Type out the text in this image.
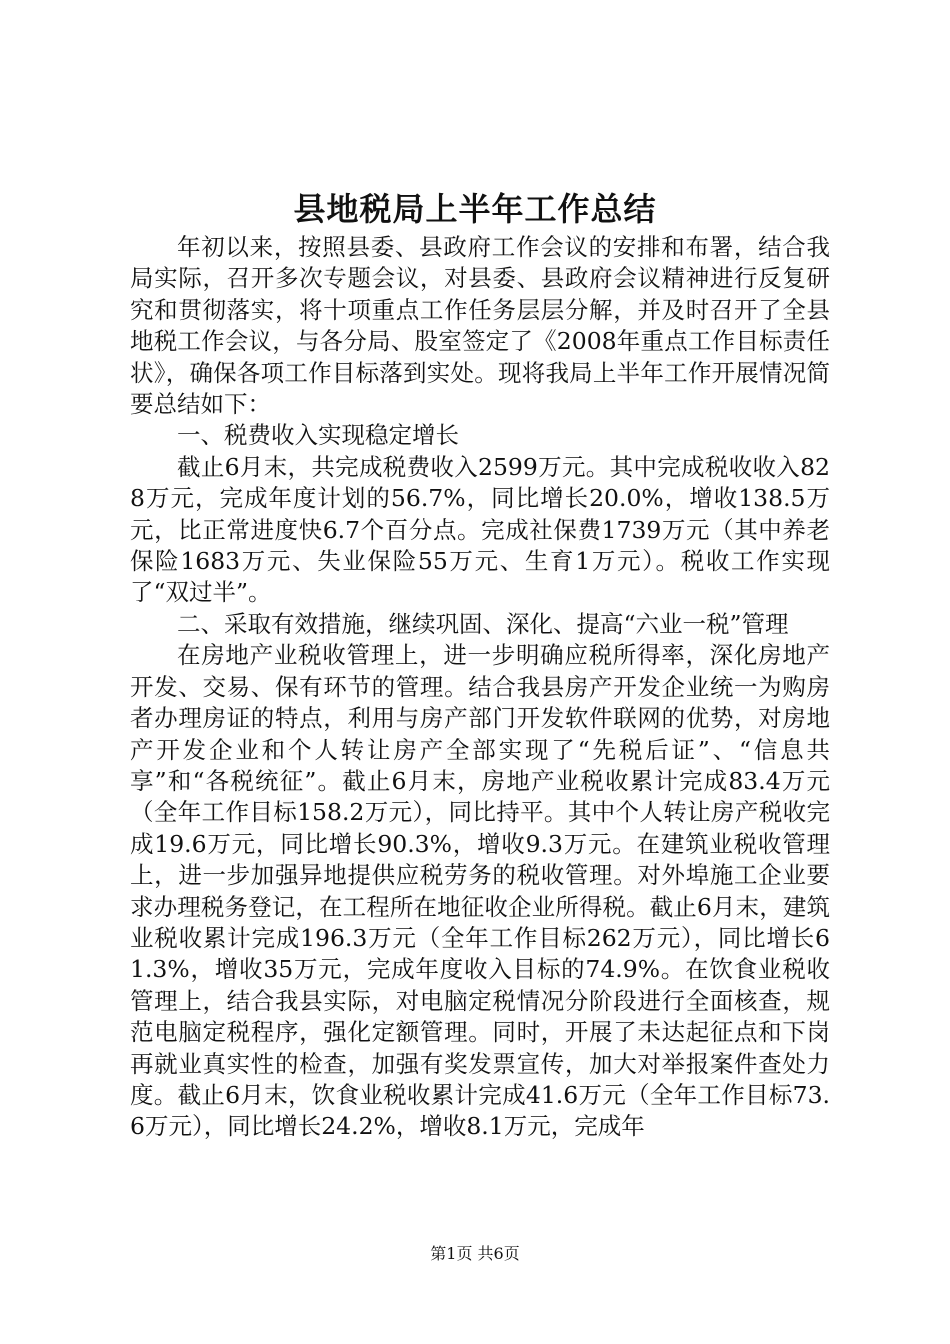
县地税局上半年工作总结

年初以来，按照县委、县政府工作会议的安排和布署，结合我局实际，召开多次专题会议，对县委、县政府会议精神进行反复研究和贯彻落实，将十项重点工作任务层层分解，并及时召开了全县地税工作会议，与各分局、股室签定了《2008年重点工作目标责任状》，确保各项工作目标落到实处。现将我局上半年工作开展情况简要总结如下：

一、税费收入实现稳定增长

截止6月末，共完成税费收入2599万元。其中完成税收收入828万元，完成年度计划的56.7%，同比增长20.0%，增收138.5万元，比正常进度快6.7个百分点。完成社保费1739万元（其中养老保险1683万元、失业保险55万元、生育1万元）。税收工作实现了“双过半”。

二、采取有效措施，继续巩固、深化、提高“六业一税”管理

在房地产业税收管理上，进一步明确应税所得率，深化房地产开发、交易、保有环节的管理。结合我县房产开发企业统一为购房者办理房证的特点，利用与房产部门开发软件联网的优势，对房地产开发企业和个人转让房产全部实现了“先税后证”、“信息共享”和“各税统征”。截止6月末，房地产业税收累计完成83.4万元（全年工作目标158.2万元），同比持平。其中个人转让房产税收完成19.6万元，同比增长90.3%，增收9.3万元。在建筑业税收管理上，进一步加强异地提供应税劳务的税收管理。对外埠施工企业要求办理税务登记，在工程所在地征收企业所得税。截止6月末，建筑业税收累计完成196.3万元（全年工作目标262万元），同比增长61.3%，增收35万元，完成年度收入目标的74.9%。在饮食业税收管理上，结合我县实际，对电脑定税情况分阶段进行全面核查，规范电脑定税程序，强化定额管理。同时，开展了未达起征点和下岗再就业真实性的检查，加强有奖发票宣传，加大对举报案件查处力度。截止6月末，饮食业税收累计完成41.6万元（全年工作目标73.6万元），同比增长24.2%，增收8.1万元，完成年

第1页 共6页
